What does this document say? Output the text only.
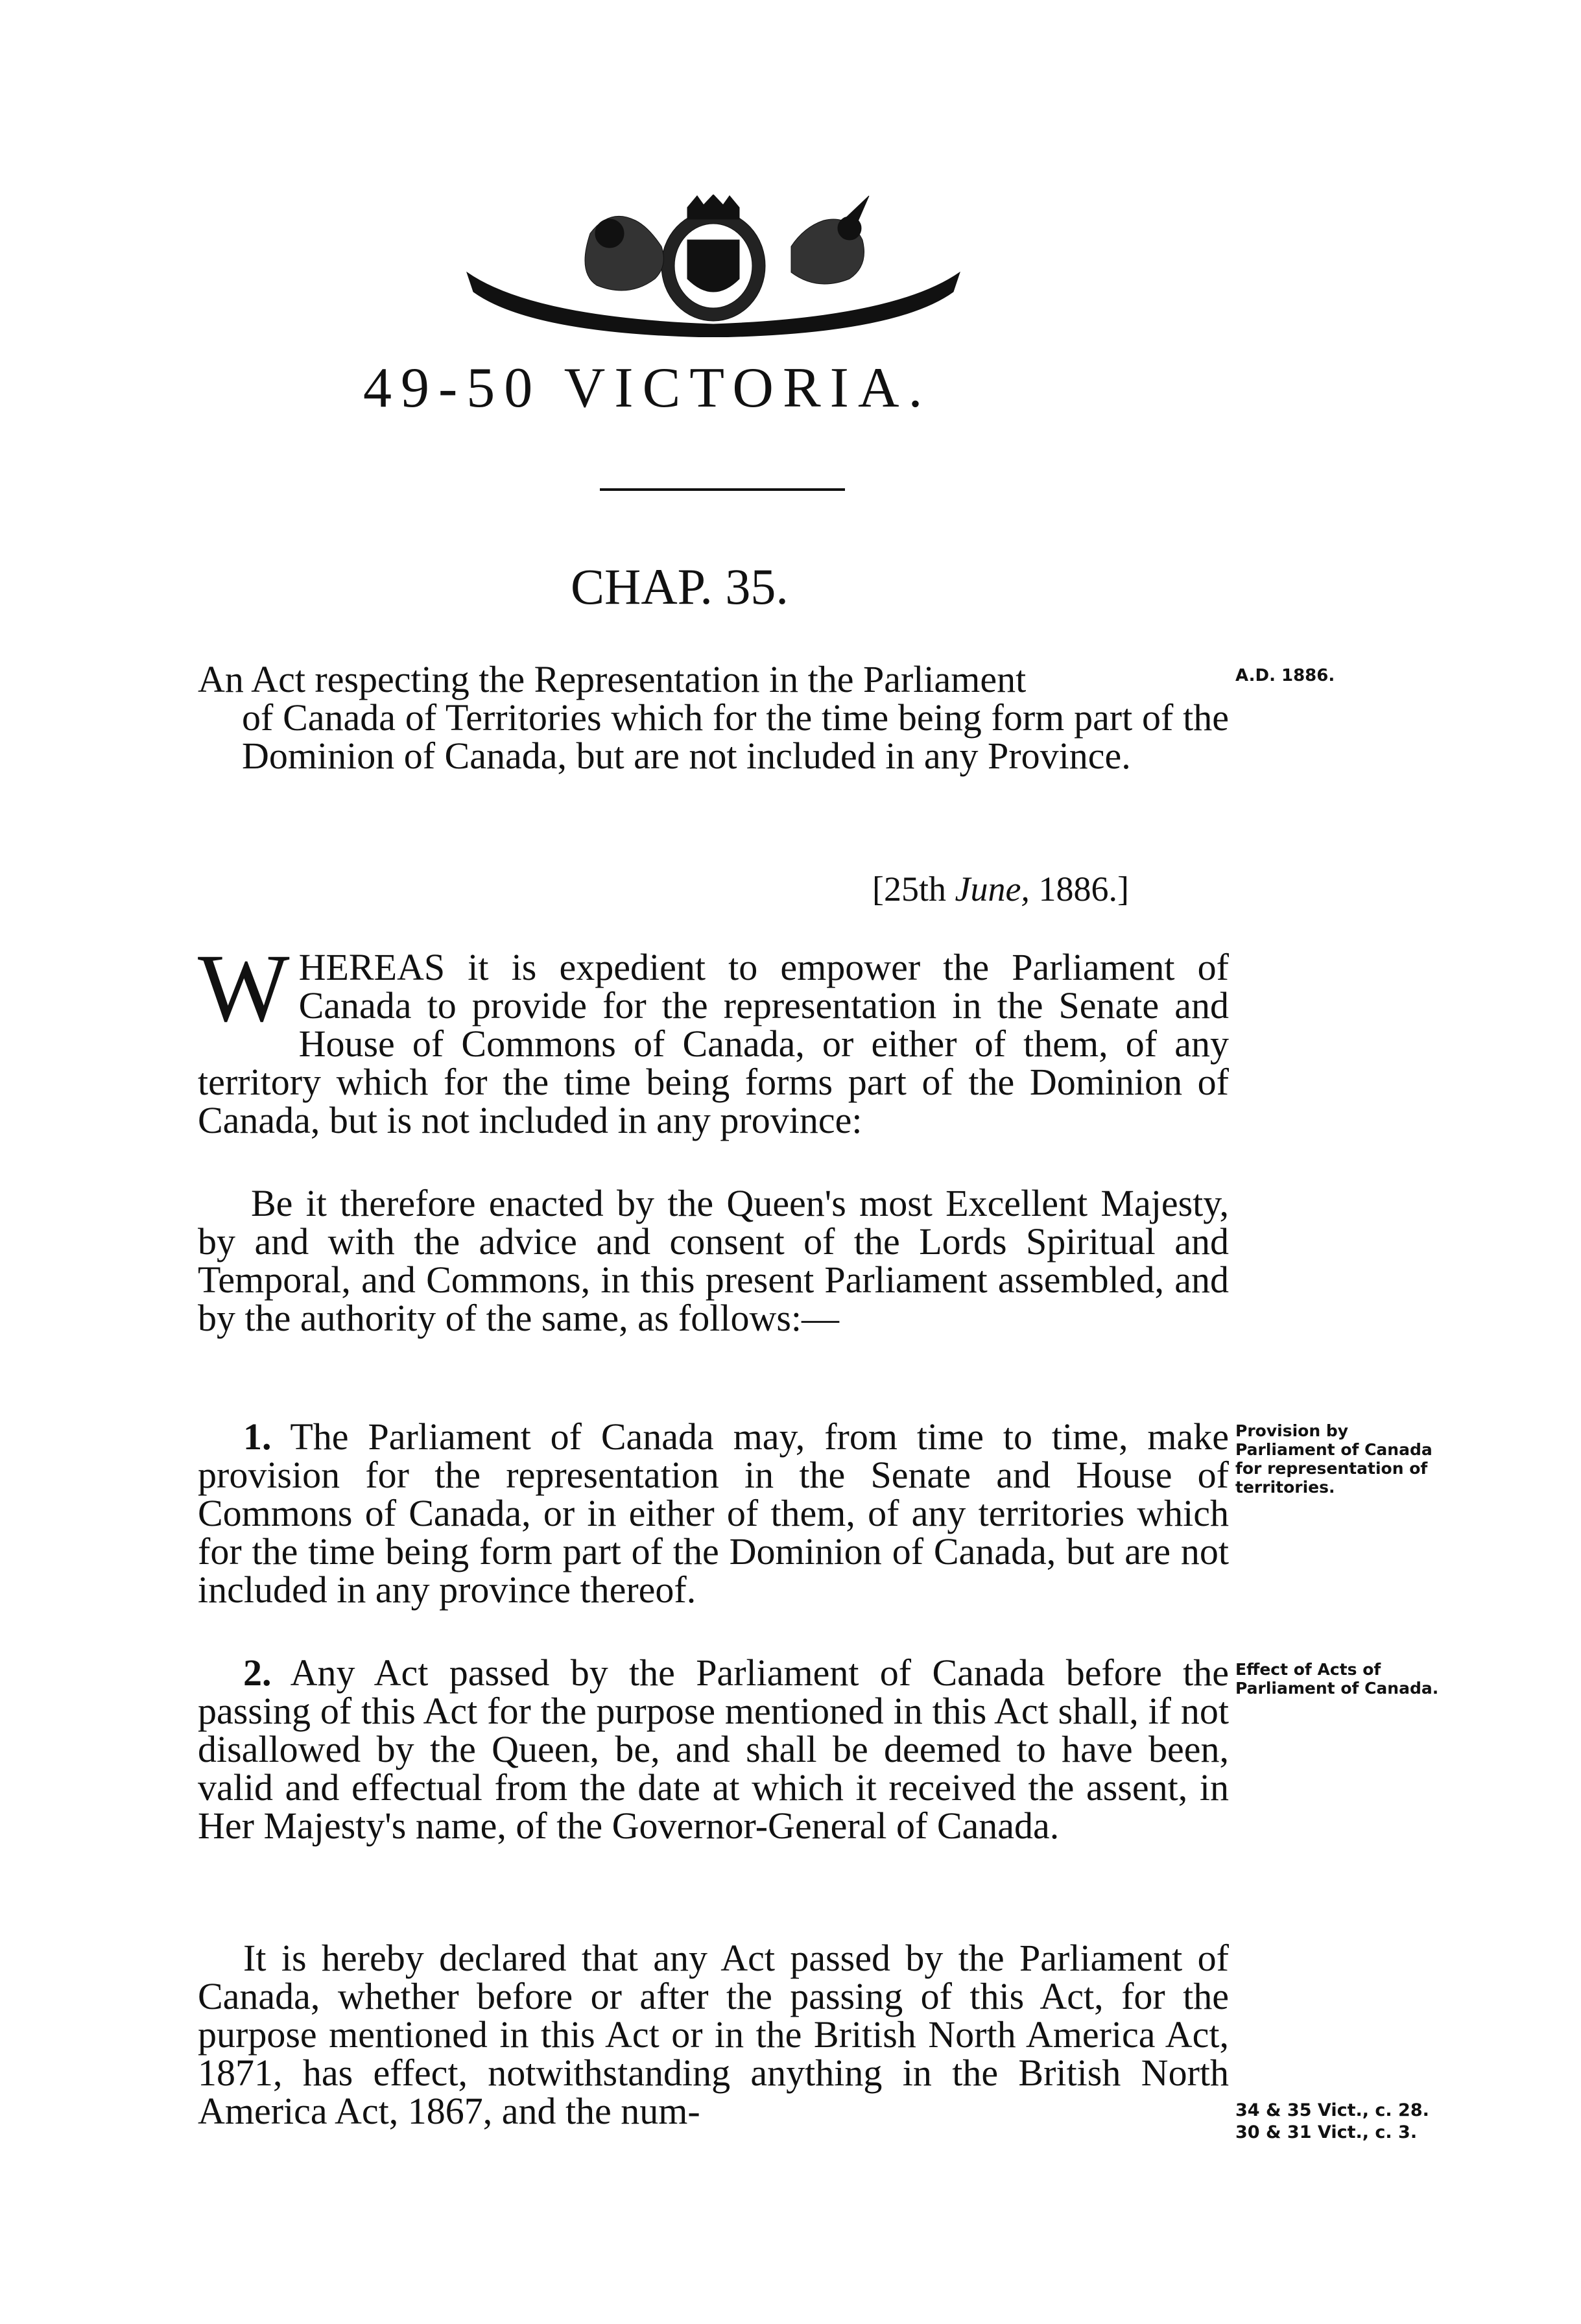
49-50 VICTORIA.
CHAP. 35.
An Act respecting the Representation in the Parliament
of Canada of Territories which for the time being form part of the Dominion of Canada, but are not included in any Province.
A.D. 1886.
[25th June, 1886.]
W HEREAS it is expedient to empower the Parliament of Canada to provide for the representation in the Senate and House of Commons of Canada, or either of them, of any territory which for the time being forms part of the Dominion of Canada, but is not included in any province:
Be it therefore enacted by the Queen's most Excellent Majesty, by and with the advice and consent of the Lords Spiritual and Temporal, and Commons, in this present Parliament assembled, and by the authority of the same, as follows:—
1. The Parliament of Canada may, from time to time, make provision for the representation in the Senate and House of Commons of Canada, or in either of them, of any territories which for the time being form part of the Dominion of Canada, but are not included in any province thereof.
Provision by Parliament of Canada for representation of territories.
2. Any Act passed by the Parliament of Canada before the passing of this Act for the purpose mentioned in this Act shall, if not disallowed by the Queen, be, and shall be deemed to have been, valid and effectual from the date at which it received the assent, in Her Majesty's name, of the Governor-General of Canada.
Effect of Acts of Parliament of Canada.
It is hereby declared that any Act passed by the Parliament of Canada, whether before or after the passing of this Act, for the purpose mentioned in this Act or in the British North America Act, 1871, has effect, notwithstanding anything in the British North America Act, 1867, and the num-	34 & 35 Vict., c. 28.
30 & 31 Vict., c. 3.
